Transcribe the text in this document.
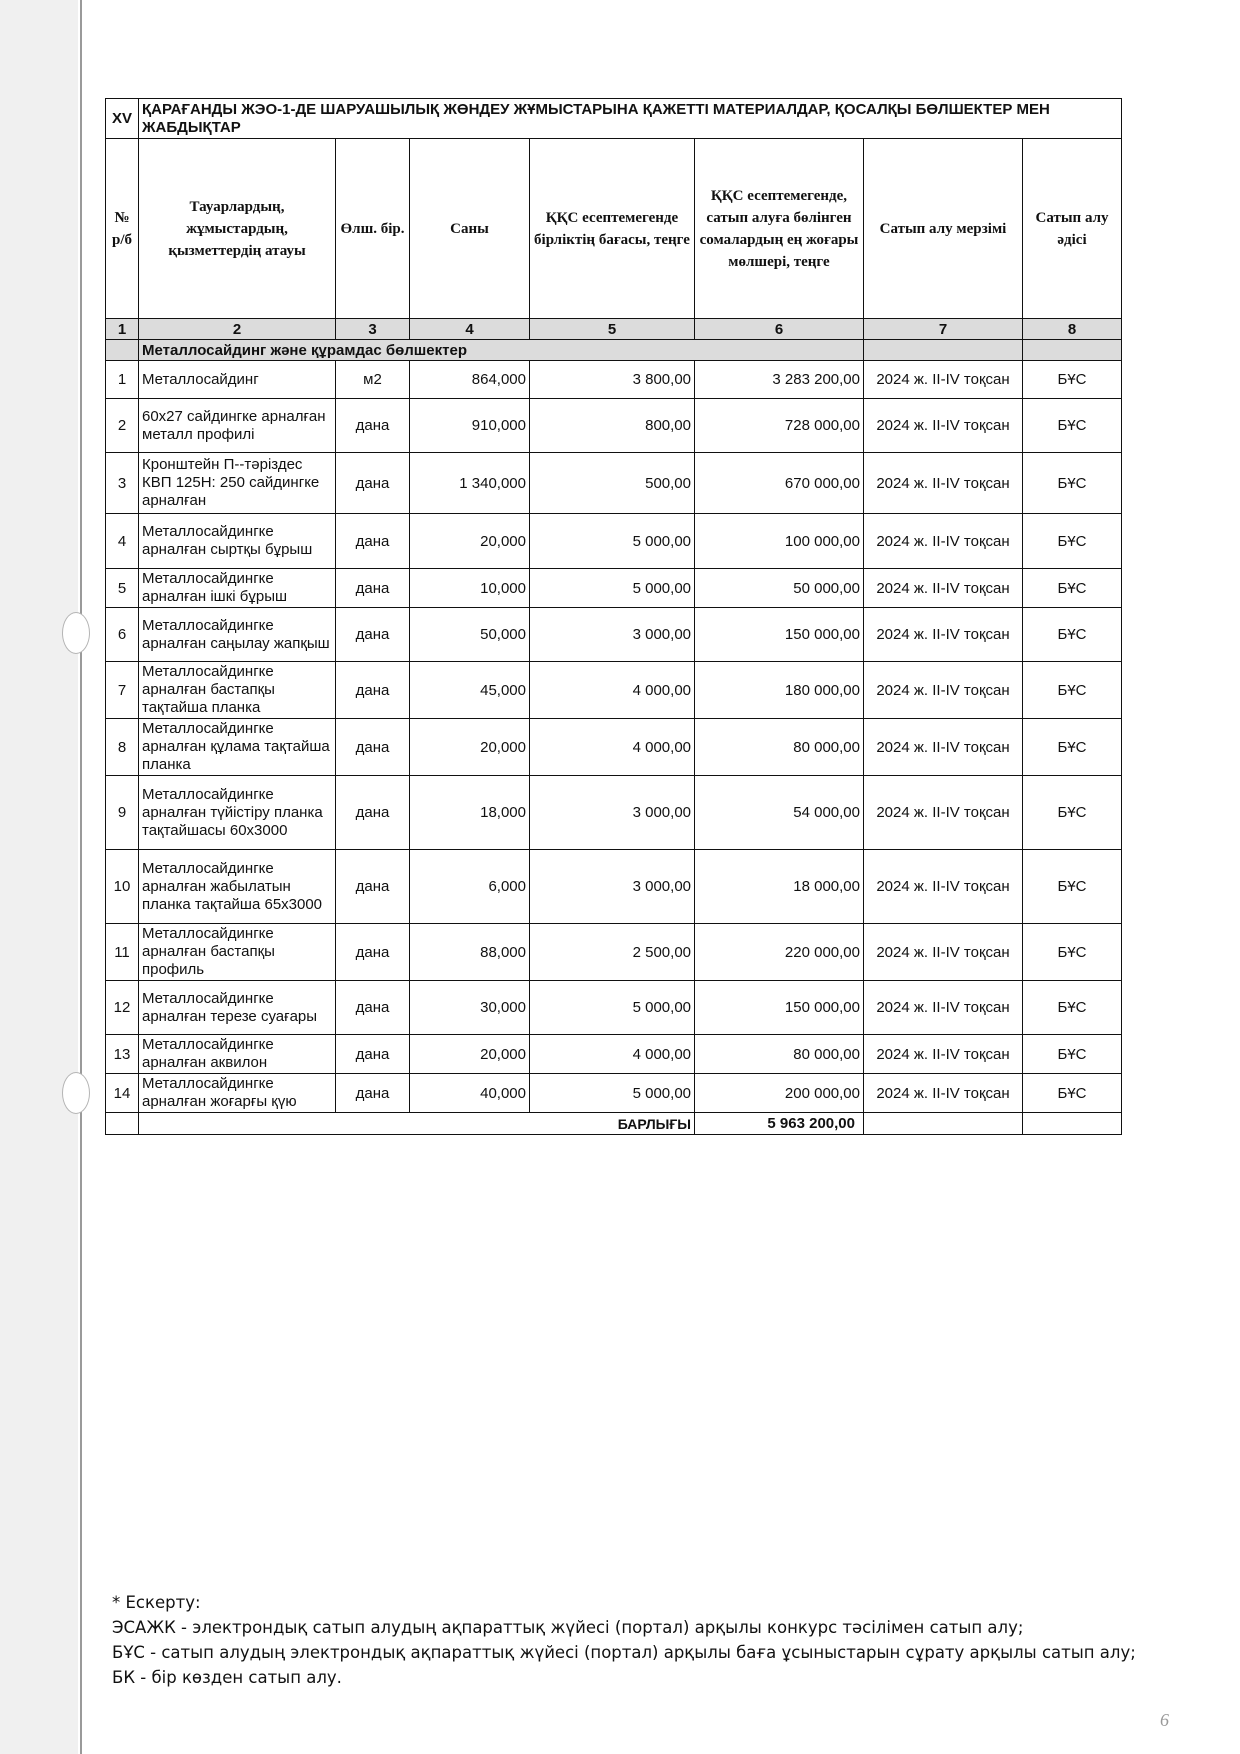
XV	ҚАРАҒАНДЫ ЖЭО-1-ДЕ ШАРУАШЫЛЫҚ ЖӨНДЕУ ЖҰМЫСТАРЫНА ҚАЖЕТТІ МАТЕРИАЛДАР, ҚОСАЛҚЫ БӨЛШЕКТЕР МЕН ЖАБДЫҚТАР						
№ р/б	Тауарлардың, жұмыстардың, қызметтердің атауы	Өлш. бір.	Саны	ҚҚС есептемегенде бірліктің бағасы, теңге	ҚҚС есептемегенде, сатып алуға бөлінген сомалардың ең жоғары мөлшері, теңге	Сатып алу мерзімі	Сатып алу әдісі
1	2	3	4	5	6	7	8
	Металлосайдинг және құрамдас бөлшектер						
1	Металлосайдинг	м2	864,000	3 800,00	3 283 200,00	2024 ж. II-IV тоқсан	БҰС
2	60х27 сайдингке арналған металл профилі	дана	910,000	800,00	728 000,00	2024 ж. II-IV тоқсан	БҰС
3	Кронштейн П--тәріздес КВП 125Н: 250 сайдингке арналған	дана	1 340,000	500,00	670 000,00	2024 ж. II-IV тоқсан	БҰС
4	Металлосайдингке арналған сыртқы бұрыш	дана	20,000	5 000,00	100 000,00	2024 ж. II-IV тоқсан	БҰС
5	Металлосайдингке арналған ішкі бұрыш	дана	10,000	5 000,00	50 000,00	2024 ж. II-IV тоқсан	БҰС
6	Металлосайдингке арналған саңылау жапқыш	дана	50,000	3 000,00	150 000,00	2024 ж. II-IV тоқсан	БҰС
7	Металлосайдингке арналған бастапқы тақтайша планка	дана	45,000	4 000,00	180 000,00	2024 ж. II-IV тоқсан	БҰС
8	Металлосайдингке арналған құлама тақтайша планка	дана	20,000	4 000,00	80 000,00	2024 ж. II-IV тоқсан	БҰС
9	Металлосайдингке арналған түйістіру планка тақтайшасы 60х3000	дана	18,000	3 000,00	54 000,00	2024 ж. II-IV тоқсан	БҰС
10	Металлосайдингке арналған жабылатын планка тақтайша 65х3000	дана	6,000	3 000,00	18 000,00	2024 ж. II-IV тоқсан	БҰС
11	Металлосайдингке арналған бастапқы профиль	дана	88,000	2 500,00	220 000,00	2024 ж. II-IV тоқсан	БҰС
12	Металлосайдингке арналған терезе суағары	дана	30,000	5 000,00	150 000,00	2024 ж. II-IV тоқсан	БҰС
13	Металлосайдингке арналған аквилон	дана	20,000	4 000,00	80 000,00	2024 ж. II-IV тоқсан	БҰС
14	Металлосайдингке арналған жоғарғы қүю	дана	40,000	5 000,00	200 000,00	2024 ж. II-IV тоқсан	БҰС
				БАРЛЫҒЫ	5 963 200,00		
* Ескерту:
ЭСАЖК - электрондық сатып алудың ақпараттық жүйесі (портал) арқылы конкурс тәсілімен сатып алу;
БҰС - сатып алудың электрондық ақпараттық жүйесі (портал) арқылы баға ұсыныстарын сұрату арқылы сатып алу;
БК - бір көзден сатып алу.
6
